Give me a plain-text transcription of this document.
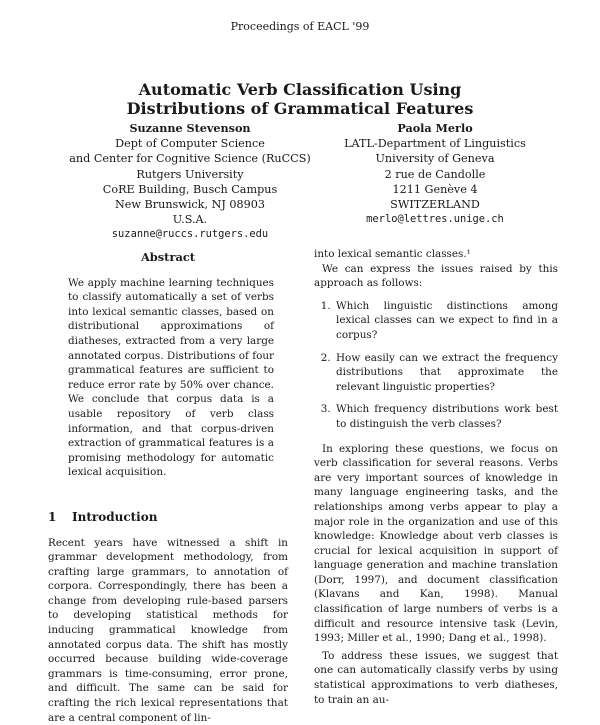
Proceedings of EACL '99
Automatic Verb Classification Using
Distributions of Grammatical Features
Suzanne Stevenson
Dept of Computer Science
and Center for Cognitive Science (RuCCS)
Rutgers University
CoRE Building, Busch Campus
New Brunswick, NJ 08903
U.S.A.
suzanne@ruccs.rutgers.edu
Paola Merlo
LATL-Department of Linguistics
University of Geneva
2 rue de Candolle
1211 Genève 4
SWITZERLAND
merlo@lettres.unige.ch
Abstract

We apply machine learning techniques to classify automatically a set of verbs into lexical semantic classes, based on distributional approximations of diatheses, extracted from a very large annotated corpus. Distributions of four grammatical features are sufficient to reduce error rate by 50% over chance. We conclude that corpus data is a usable repository of verb class information, and that corpus-driven extraction of grammatical features is a promising methodology for automatic lexical acquisition.

1 Introduction

Recent years have witnessed a shift in grammar development methodology, from crafting large grammars, to annotation of corpora. Correspondingly, there has been a change from developing rule-based parsers to developing statistical methods for inducing grammatical knowledge from annotated corpus data. The shift has mostly occurred because building wide-coverage grammars is time-consuming, error prone, and difficult. The same can be said for crafting the rich lexical representations that are a central component of lin-

into lexical semantic classes.¹

We can express the issues raised by this approach as follows:

1. Which linguistic distinctions among lexical classes can we expect to find in a corpus?
2. How easily can we extract the frequency distributions that approximate the relevant linguistic properties?
3. Which frequency distributions work best to distinguish the verb classes?

In exploring these questions, we focus on verb classification for several reasons. Verbs are very important sources of knowledge in many language engineering tasks, and the relationships among verbs appear to play a major role in the organization and use of this knowledge: Knowledge about verb classes is crucial for lexical acquisition in support of language generation and machine translation (Dorr, 1997), and document classification (Klavans and Kan, 1998). Manual classification of large numbers of verbs is a difficult and resource intensive task (Levin, 1993; Miller et al., 1990; Dang et al., 1998).

To address these issues, we suggest that one can automatically classify verbs by using statistical approximations to verb diatheses, to train an au-
